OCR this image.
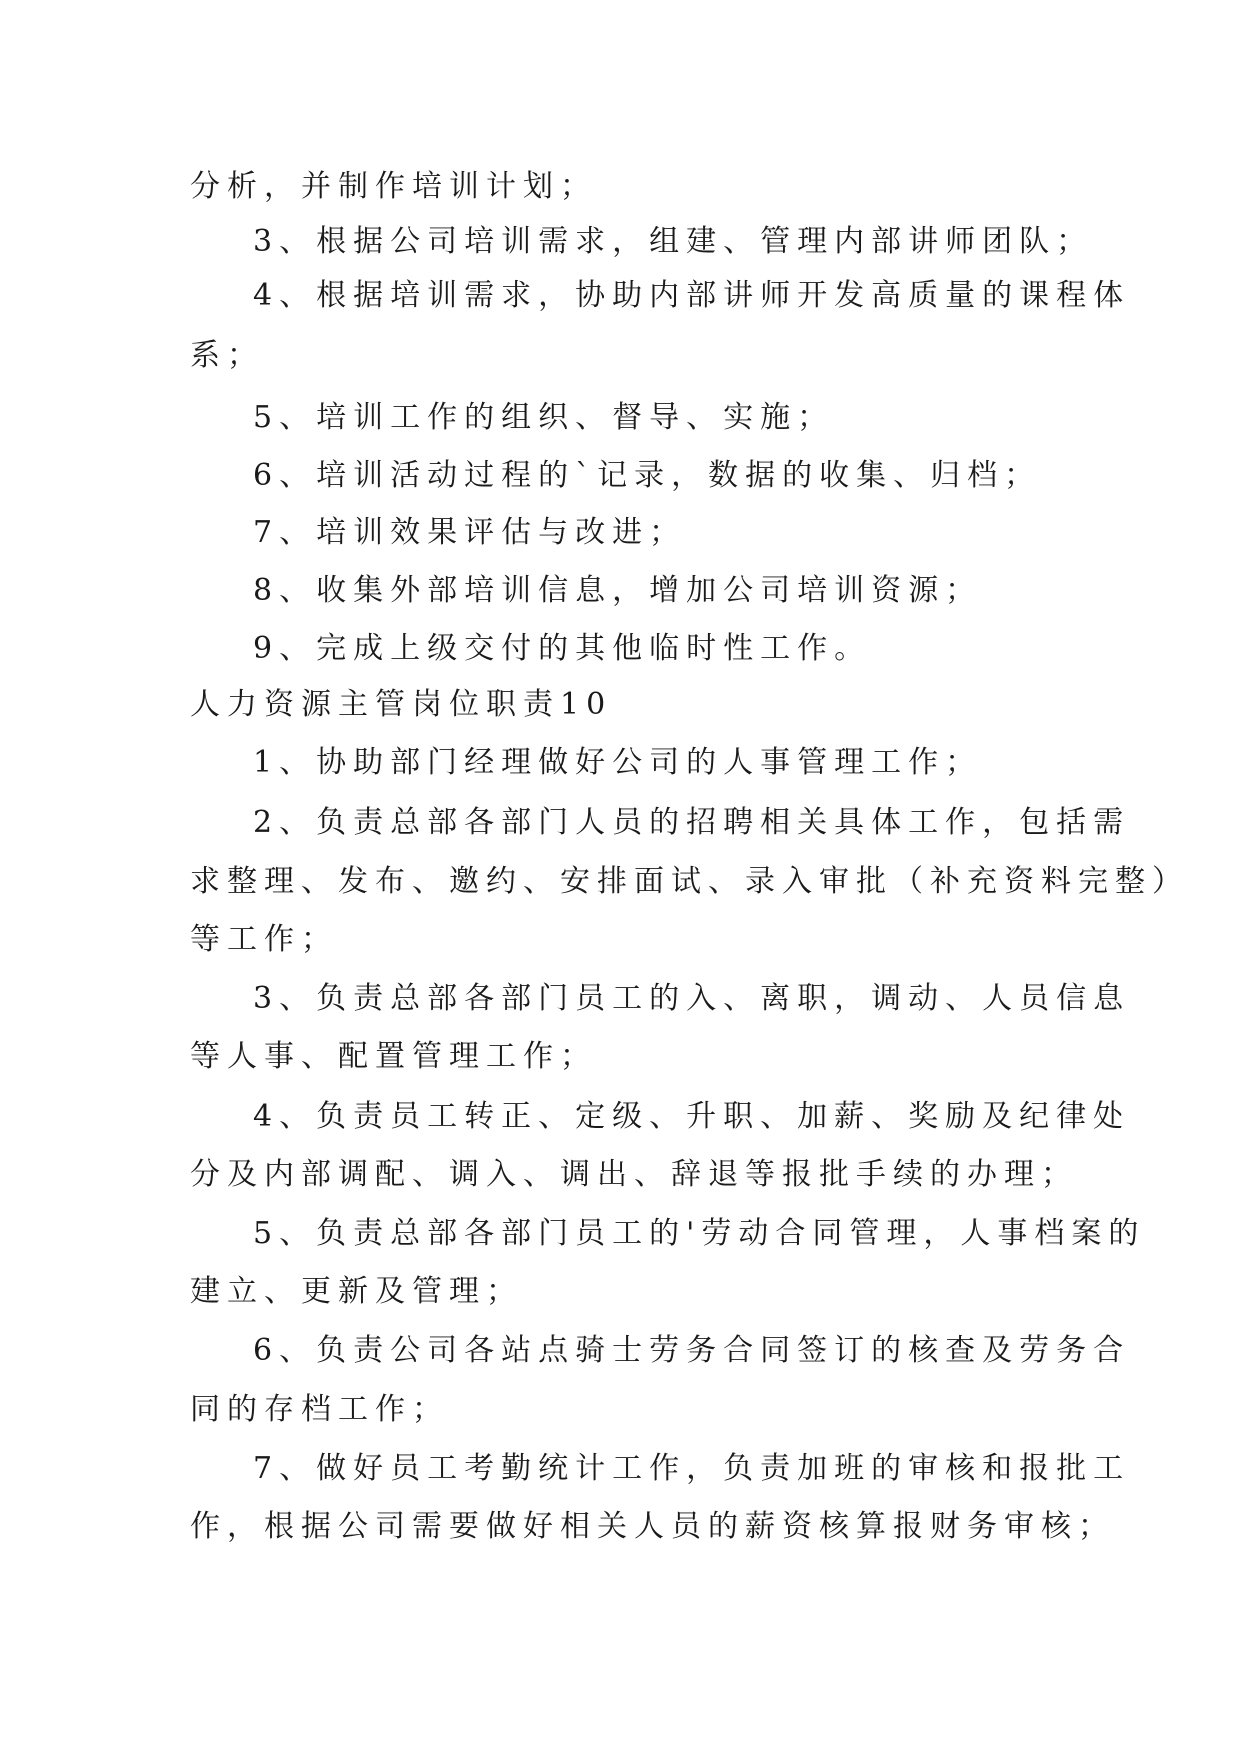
分析，并制作培训计划；
3、根据公司培训需求，组建、管理内部讲师团队；
4、根据培训需求，协助内部讲师开发高质量的课程体
系；
5、培训工作的组织、督导、实施；
6、培训活动过程的`记录，数据的收集、归档；
7、培训效果评估与改进；
8、收集外部培训信息，增加公司培训资源；
9、完成上级交付的其他临时性工作。
人力资源主管岗位职责10
1、协助部门经理做好公司的人事管理工作；
2、负责总部各部门人员的招聘相关具体工作，包括需
求整理、发布、邀约、安排面试、录入审批（补充资料完整）
等工作；
3、负责总部各部门员工的入、离职，调动、人员信息
等人事、配置管理工作；
4、负责员工转正、定级、升职、加薪、奖励及纪律处
分及内部调配、调入、调出、辞退等报批手续的办理；
5、负责总部各部门员工的'劳动合同管理，人事档案的
建立、更新及管理；
6、负责公司各站点骑士劳务合同签订的核查及劳务合
同的存档工作；
7、做好员工考勤统计工作，负责加班的审核和报批工
作，根据公司需要做好相关人员的薪资核算报财务审核；
